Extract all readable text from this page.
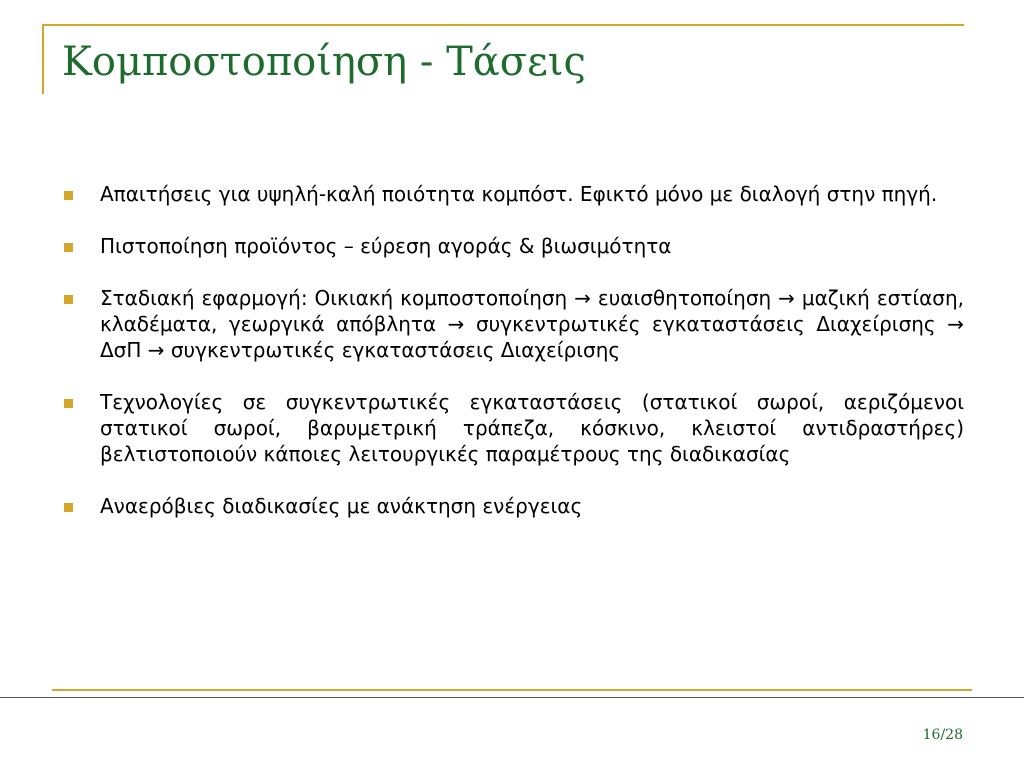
Κομποστοποίηση - Τάσεις
Απαιτήσεις για υψηλή-καλή ποιότητα κομπόστ. Εφικτό μόνο με διαλογή στην πηγή.
Πιστοποίηση προϊόντος – εύρεση αγοράς & βιωσιμότητα
Σταδιακή εφαρμογή: Οικιακή κομποστοποίηση → ευαισθητοποίηση → μαζική εστίαση, κλαδέματα, γεωργικά απόβλητα → συγκεντρωτικές εγκαταστάσεις Διαχείρισης → ΔσΠ → συγκεντρωτικές εγκαταστάσεις Διαχείρισης
Τεχνολογίες σε συγκεντρωτικές εγκαταστάσεις (στατικοί σωροί, αεριζόμενοι στατικοί σωροί, βαρυμετρική τράπεζα, κόσκινο, κλειστοί αντιδραστήρες) βελτιστοποιούν κάποιες λειτουργικές παραμέτρους της διαδικασίας
Αναερόβιες διαδικασίες με ανάκτηση ενέργειας
16/28
